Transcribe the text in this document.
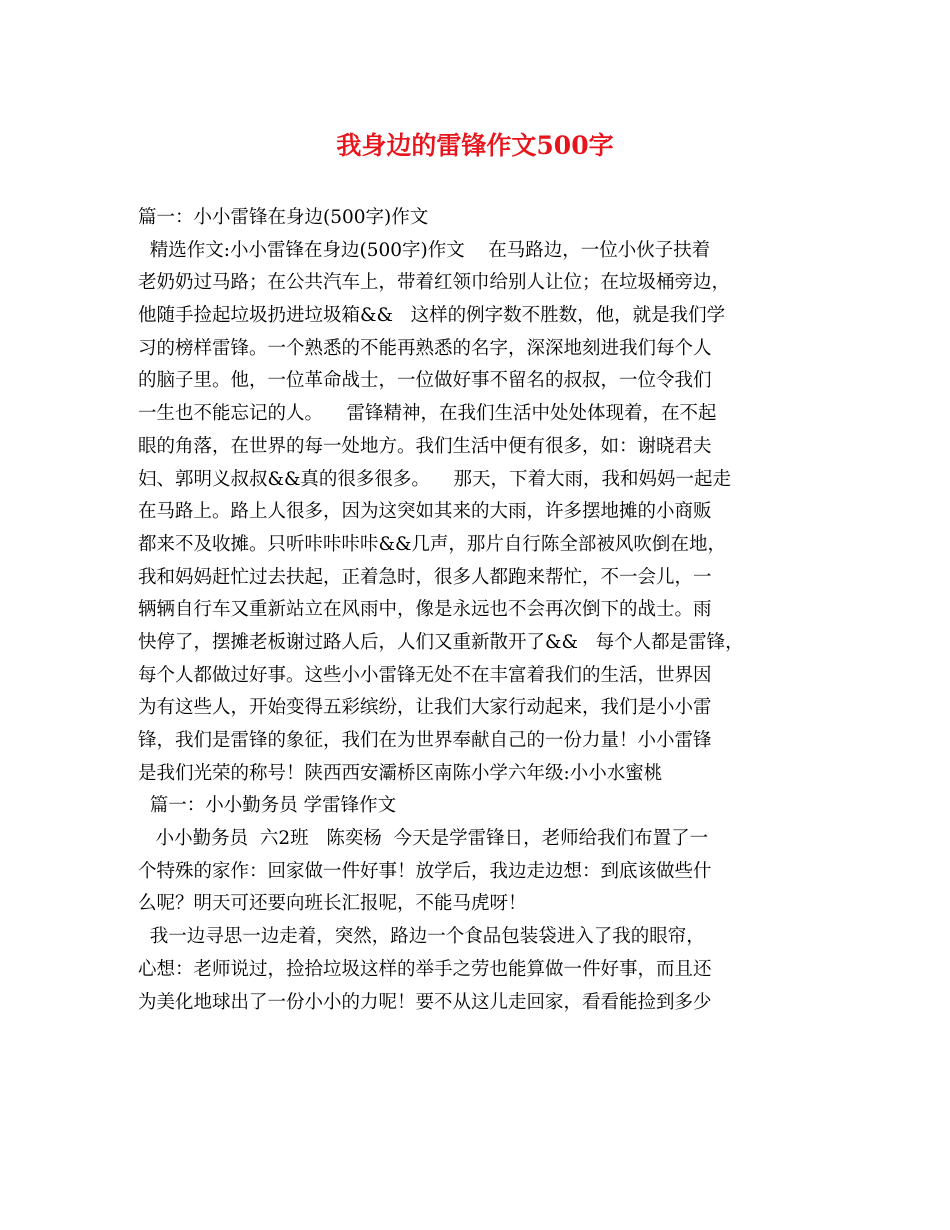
我身边的雷锋作文500字
篇一：小小雷锋在身边(500字)作文
精选作文:小小雷锋在身边(500字)作文    在马路边，一位小伙子扶着
老奶奶过马路；在公共汽车上，带着红领巾给别人让位；在垃圾桶旁边，
他随手捡起垃圾扔进垃圾箱&&   这样的例字数不胜数，他，就是我们学
习的榜样雷锋。一个熟悉的不能再熟悉的名字，深深地刻进我们每个人
的脑子里。他，一位革命战士，一位做好事不留名的叔叔，一位令我们
一生也不能忘记的人。    雷锋精神，在我们生活中处处体现着，在不起
眼的角落，在世界的每一处地方。我们生活中便有很多，如：谢晓君夫
妇、郭明义叔叔&&真的很多很多。    那天，下着大雨，我和妈妈一起走
在马路上。路上人很多，因为这突如其来的大雨，许多摆地摊的小商贩
都来不及收摊。只听咔咔咔咔&&几声，那片自行陈全部被风吹倒在地，
我和妈妈赶忙过去扶起，正着急时，很多人都跑来帮忙，不一会儿，一
辆辆自行车又重新站立在风雨中，像是永远也不会再次倒下的战士。雨
快停了，摆摊老板谢过路人后，人们又重新散开了&&   每个人都是雷锋，
每个人都做过好事。这些小小雷锋无处不在丰富着我们的生活，世界因
为有这些人，开始变得五彩缤纷，让我们大家行动起来，我们是小小雷
锋，我们是雷锋的象征，我们在为世界奉献自己的一份力量！小小雷锋
是我们光荣的称号！陕西西安灞桥区南陈小学六年级:小小水蜜桃
篇一：小小勤务员 学雷锋作文
小小勤务员  六2班   陈奕杨  今天是学雷锋日，老师给我们布置了一
个特殊的家作：回家做一件好事！放学后，我边走边想：到底该做些什
么呢？明天可还要向班长汇报呢，不能马虎呀！
我一边寻思一边走着，突然，路边一个食品包装袋进入了我的眼帘，
心想：老师说过，捡拾垃圾这样的举手之劳也能算做一件好事，而且还
为美化地球出了一份小小的力呢！要不从这儿走回家，看看能捡到多少
